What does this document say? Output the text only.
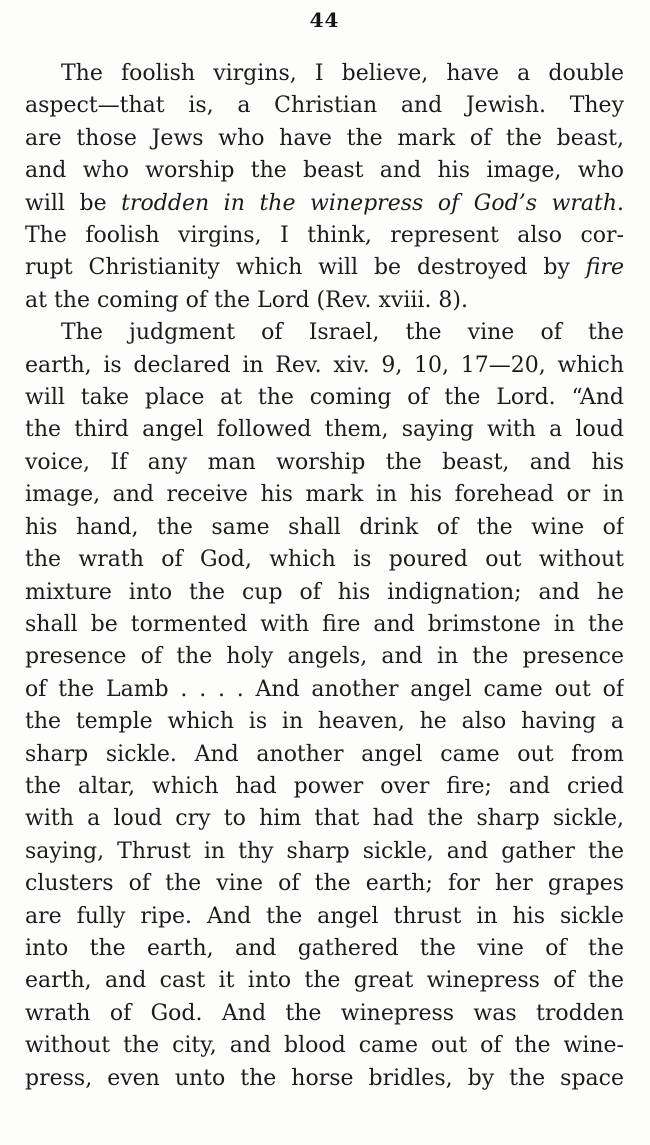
44

The foolish virgins, I believe, have a double

aspect—that is, a Christian and Jewish. They

are those Jews who have the mark of the beast,

and who worship the beast and his image, who

will be trodden in the winepress of God’s wrath.

The foolish virgins, I think, represent also cor-

rupt Christianity which will be destroyed by fire

at the coming of the Lord (Rev. xviii. 8).

The judgment of Israel, the vine of the

earth, is declared in Rev. xiv. 9, 10, 17—20, which

will take place at the coming of the Lord. “And

the third angel followed them, saying with a loud

voice, If any man worship the beast, and his

image, and receive his mark in his forehead or in

his hand, the same shall drink of the wine of

the wrath of God, which is poured out without

mixture into the cup of his indignation; and he

shall be tormented with fire and brimstone in the

presence of the holy angels, and in the presence

of the Lamb . . . . And another angel came out of

the temple which is in heaven, he also having a

sharp sickle. And another angel came out from

the altar, which had power over fire; and cried

with a loud cry to him that had the sharp sickle,

saying, Thrust in thy sharp sickle, and gather the

clusters of the vine of the earth; for her grapes

are fully ripe. And the angel thrust in his sickle

into the earth, and gathered the vine of the

earth, and cast it into the great winepress of the

wrath of God. And the winepress was trodden

without the city, and blood came out of the wine-

press, even unto the horse bridles, by the space
